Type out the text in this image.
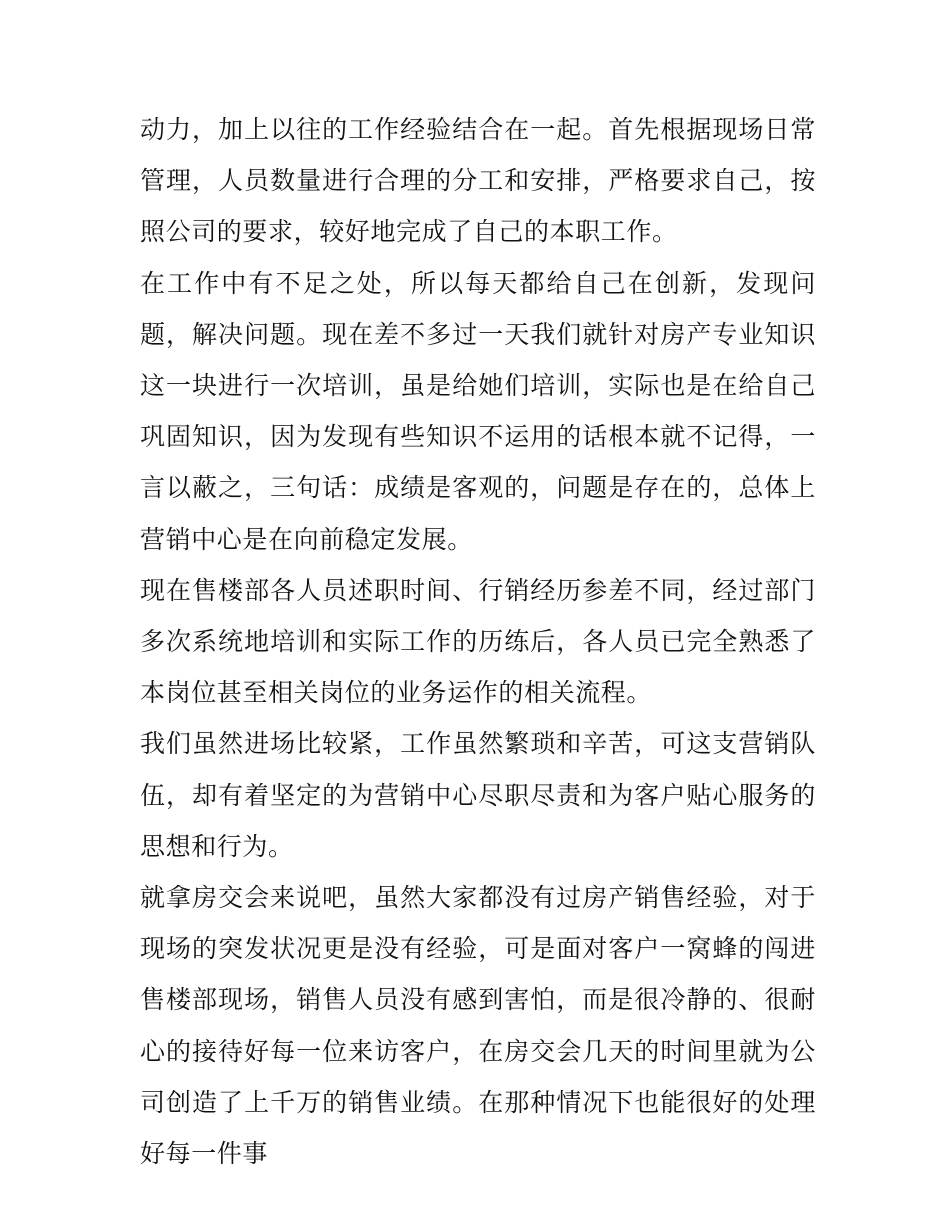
动力，加上以往的工作经验结合在一起。首先根据现场日常管理，人员数量进行合理的分工和安排，严格要求自己，按照公司的要求，较好地完成了自己的本职工作。

在工作中有不足之处，所以每天都给自己在创新，发现问题，解决问题。现在差不多过一天我们就针对房产专业知识这一块进行一次培训，虽是给她们培训，实际也是在给自己巩固知识，因为发现有些知识不运用的话根本就不记得，一言以蔽之，三句话：成绩是客观的，问题是存在的，总体上营销中心是在向前稳定发展。

现在售楼部各人员述职时间、行销经历参差不同，经过部门多次系统地培训和实际工作的历练后，各人员已完全熟悉了本岗位甚至相关岗位的业务运作的相关流程。

我们虽然进场比较紧，工作虽然繁琐和辛苦，可这支营销队伍，却有着坚定的为营销中心尽职尽责和为客户贴心服务的思想和行为。

就拿房交会来说吧，虽然大家都没有过房产销售经验，对于现场的突发状况更是没有经验，可是面对客户一窝蜂的闯进售楼部现场，销售人员没有感到害怕，而是很冷静的、很耐心的接待好每一位来访客户，在房交会几天的时间里就为公司创造了上千万的销售业绩。在那种情况下也能很好的处理好每一件事
